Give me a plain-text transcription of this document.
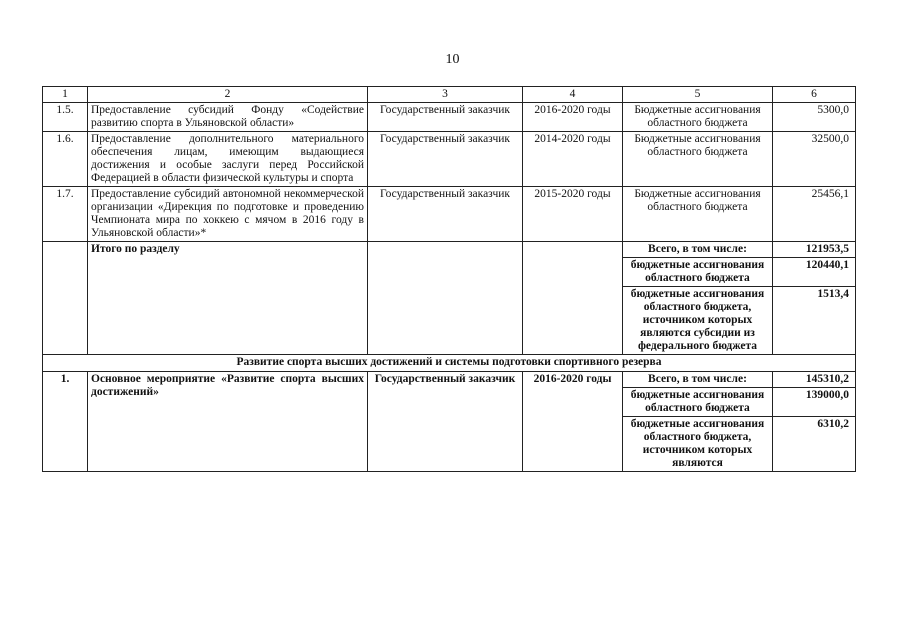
10
1	2	3	4	5	6
1.5.	Предоставление субсидий Фонду «Содействие развитию спорта в Ульяновской области»	Государственный заказчик	2016-2020 годы	Бюджетные ассигнования областного бюджета	5300,0
1.6.	Предоставление дополнительного материального обеспечения лицам, имеющим выдающиеся достижения и особые заслуги перед Российской Федерацией в области физической культуры и спорта	Государственный заказчик	2014-2020 годы	Бюджетные ассигнования областного бюджета	32500,0
1.7.	Предоставление субсидий автономной некоммерческой организации «Дирекция по подготовке и проведению Чемпионата мира по хоккею с мячом в 2016 году в Ульяновской области»*	Государственный заказчик	2015-2020 годы	Бюджетные ассигнования областного бюджета	25456,1
	Итого по разделу			Всего, в том числе:	121953,5
				бюджетные ассигнования областного бюджета	120440,1
				бюджетные ассигнования областного бюджета, источником которых являются субсидии из федерального бюджета	1513,4
Развитие спорта высших достижений и системы подготовки спортивного резерва					
1.	Основное мероприятие «Развитие спорта высших достижений»	Государственный заказчик	2016-2020 годы	Всего, в том числе:	145310,2
				бюджетные ассигнования областного бюджета	139000,0
				бюджетные ассигнования областного бюджета, источником которых являются	6310,2
